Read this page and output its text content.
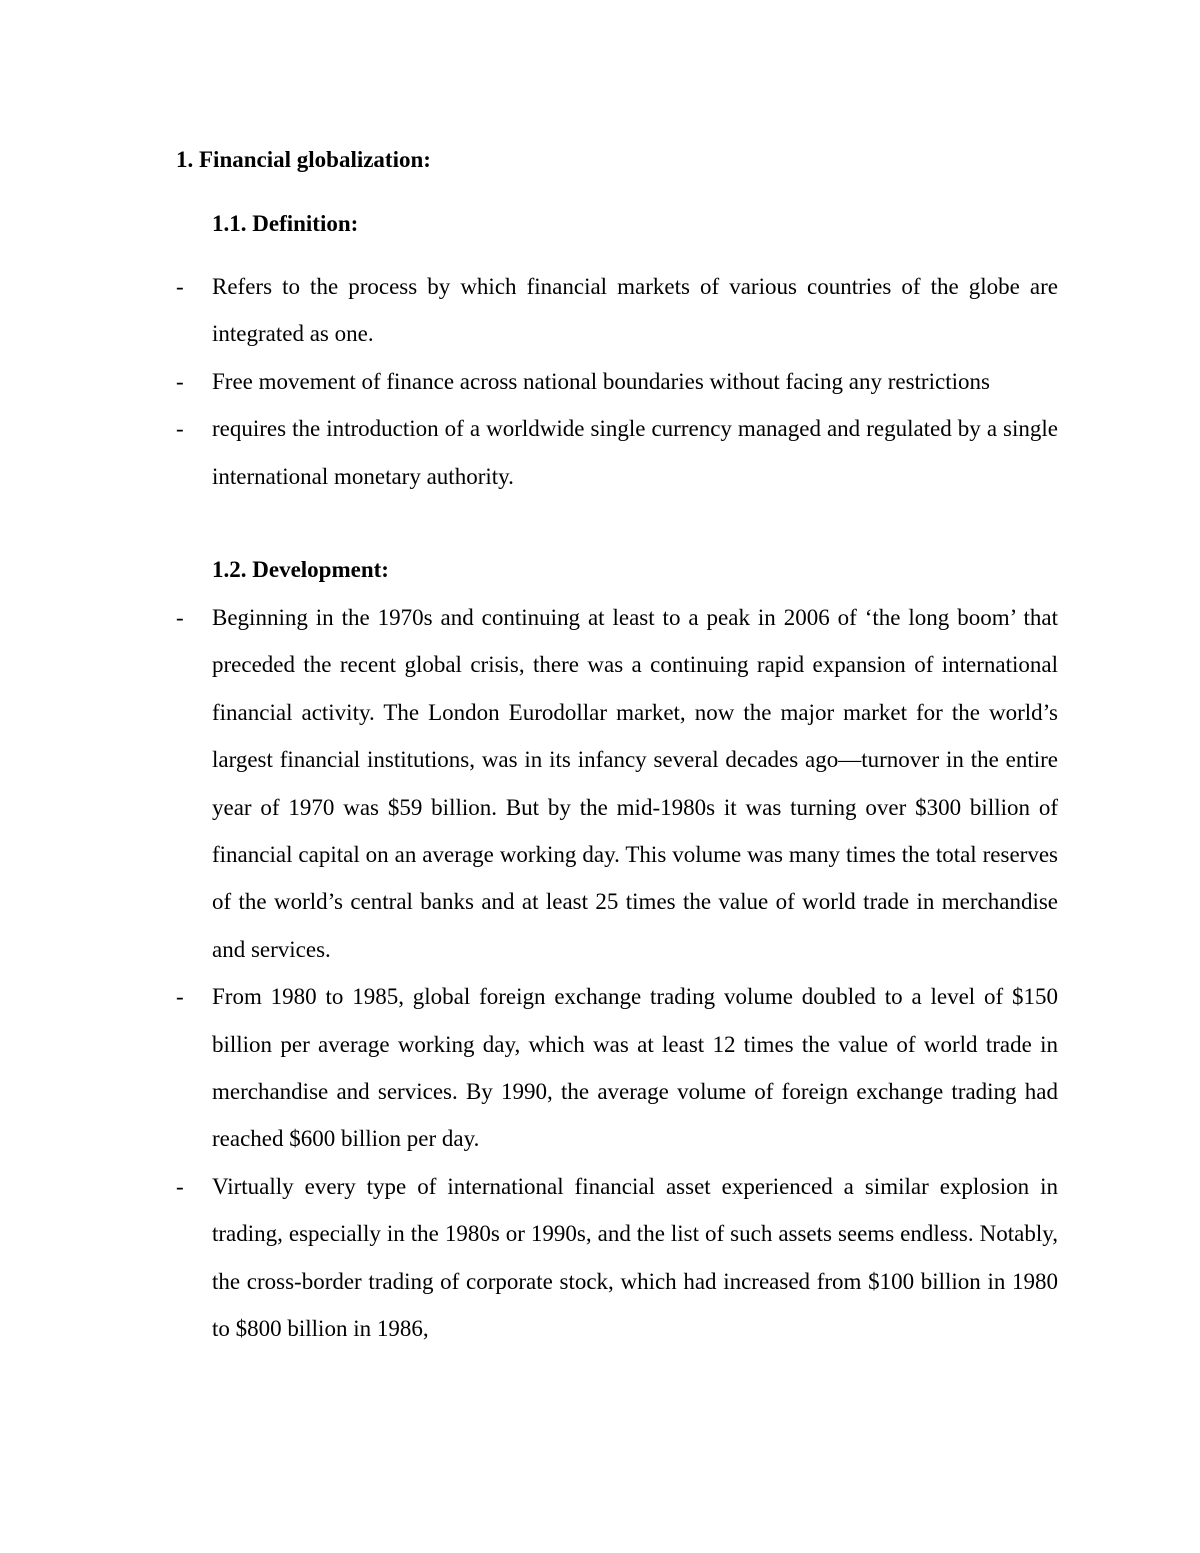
1. Financial globalization:
1.1. Definition:
-	Refers to the process by which financial markets of various countries of the globe are integrated as one.
-	Free movement of finance across national boundaries without facing any restrictions
-	requires the introduction of a worldwide single currency managed and regulated by a single international monetary authority.
1.2. Development:
-	Beginning in the 1970s and continuing at least to a peak in 2006 of ‘the long boom’ that preceded the recent global crisis, there was a continuing rapid expansion of international financial activity. The London Eurodollar market, now the major market for the world’s largest financial institutions, was in its infancy several decades ago—turnover in the entire year of 1970 was $59 billion. But by the mid-1980s it was turning over $300 billion of financial capital on an average working day. This volume was many times the total reserves of the world’s central banks and at least 25 times the value of world trade in merchandise and services.
-	From 1980 to 1985, global foreign exchange trading volume doubled to a level of $150 billion per average working day, which was at least 12 times the value of world trade in merchandise and services. By 1990, the average volume of foreign exchange trading had reached $600 billion per day.
-	Virtually every type of international financial asset experienced a similar explosion in trading, especially in the 1980s or 1990s, and the list of such assets seems endless. Notably, the cross-border trading of corporate stock, which had increased from $100 billion in 1980 to $800 billion in 1986,
